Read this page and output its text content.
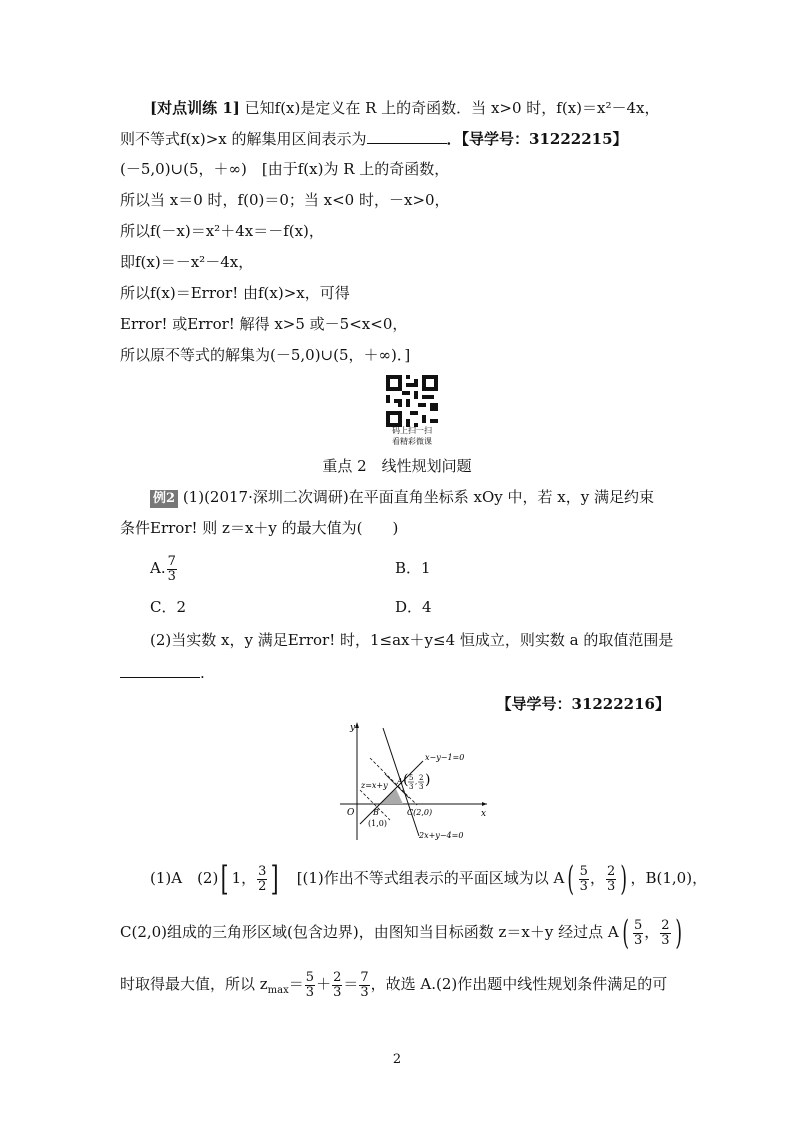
[对点训练 1] 已知f(x)是定义在 R 上的奇函数．当 x>0 时，f(x)＝x²－4x，
则不等式f(x)>x 的解集用区间表示为	．【导学号：31222215】
(－5,0)∪(5，＋∞)　[由于f(x)为 R 上的奇函数，
所以当 x＝0 时，f(0)＝0；当 x<0 时，－x>0，
所以f(－x)＝x²＋4x＝－f(x)，
即f(x)＝－x²－4x，
所以f(x)＝Error! 由f(x)>x，可得
Error! 或Error! 解得 x>5 或－5<x<0，
所以原不等式的解集为(－5,0)∪(5，＋∞)．]
码上扫一扫
看精彩微课
重点 2　线性规划问题
例2 (1)(2017·深圳二次调研)在平面直角坐标系 xOy 中，若 x，y 满足约束
条件Error! 则 z＝x＋y 的最大值为(　　)
A. $\frac{7}{3}$	B．1
C．2	D．4
(2)当实数 x，y 满足Error! 时，1≤ax＋y≤4 恒成立，则实数 a 的取值范围是
.
【导学号：31222216】
y
x
O
x−y−1=0
z=x+y A ( 5
3
, 2
3 )
B
(1,0)
C(2,0)
2x+y−4=0
(1)A　(2)[ 1， $\frac{3}{2}$ ]　[(1)作出不等式组表示的平面区域为以 $A( \frac{5}{3}$ ， $\frac{2}{3}$ ) ，B(1,0)，
C(2,0)组成的三角形区域(包含边界)，由图知当目标函数 z＝x＋y 经过点 $A( \frac{5}{3}$ ， $\frac{2}{3}$ )
时取得最大值，所以 $z_{max}= \frac{5}{3} + \frac{2}{3} = \frac{7}{3}$ ，故选 A.(2)作出题中线性规划条件满足的可
2
